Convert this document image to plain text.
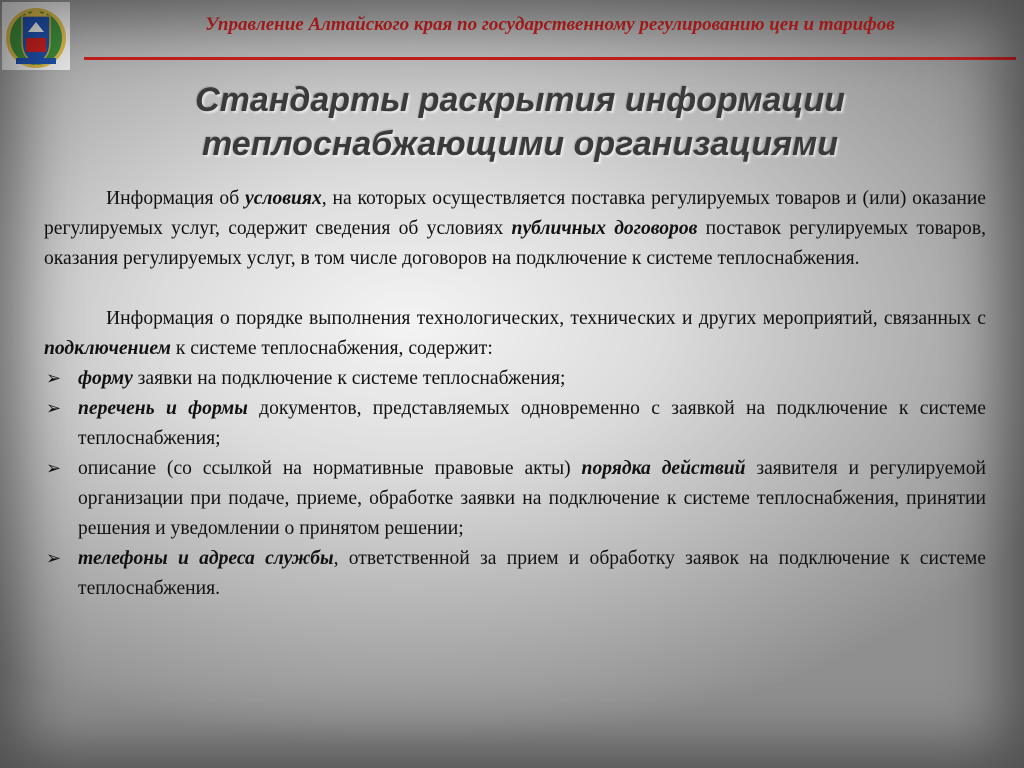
Управление Алтайского края по государственному регулированию цен и тарифов
Стандарты раскрытия информации
теплоснабжающими организациями

Информация об условиях, на которых осуществляется поставка регулируемых товаров и (или) оказание регулируемых услуг, содержит сведения об условиях публичных договоров поставок регулируемых товаров, оказания регулируемых услуг, в том числе договоров на подключение к системе теплоснабжения.

Информация о порядке выполнения технологических, технических и других мероприятий, связанных с подключением к системе теплоснабжения, содержит:

➢ форму заявки на подключение к системе теплоснабжения;
➢ перечень и формы документов, представляемых одновременно с заявкой на подключение к системе теплоснабжения;
➢ описание (со ссылкой на нормативные правовые акты) порядка действий заявителя и регулируемой организации при подаче, приеме, обработке заявки на подключение к системе теплоснабжения, принятии решения и уведомлении о принятом решении;
➢ телефоны и адреса службы, ответственной за прием и обработку заявок на подключение к системе теплоснабжения.
